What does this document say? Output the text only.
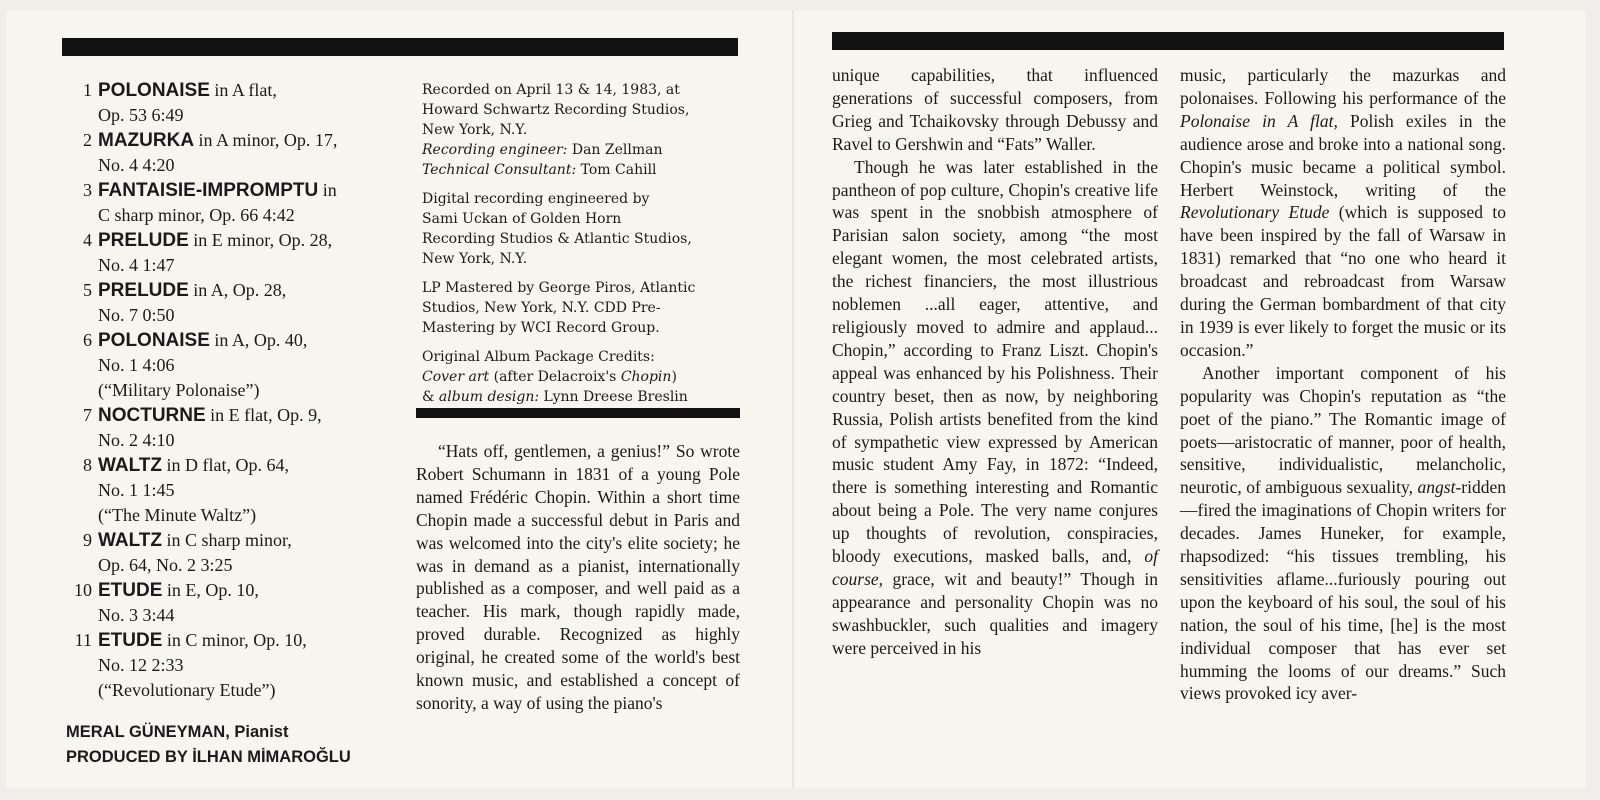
1 POLONAISE in A flat,
Op. 53 6:49
2 MAZURKA in A minor, Op. 17,
No. 4 4:20
3 FANTAISIE-IMPROMPTU in
C sharp minor, Op. 66 4:42
4 PRELUDE in E minor, Op. 28,
No. 4 1:47
5 PRELUDE in A, Op. 28,
No. 7 0:50
6 POLONAISE in A, Op. 40,
No. 1 4:06
(“Military Polonaise”)
7 NOCTURNE in E flat, Op. 9,
No. 2 4:10
8 WALTZ in D flat, Op. 64,
No. 1 1:45
(“The Minute Waltz”)
9 WALTZ in C sharp minor,
Op. 64, No. 2 3:25
10 ETUDE in E, Op. 10,
No. 3 3:44
11 ETUDE in C minor, Op. 10,
No. 12 2:33
(“Revolutionary Etude”)
MERAL GÜNEYMAN, Pianist
PRODUCED BY İLHAN MİMAROĞLU

Recorded on April 13 & 14, 1983, at
Howard Schwartz Recording Studios,
New York, N.Y.
Recording engineer: Dan Zellman
Technical Consultant: Tom Cahill

Digital recording engineered by
Sami Uckan of Golden Horn
Recording Studios & Atlantic Studios,
New York, N.Y.

LP Mastered by George Piros, Atlantic
Studios, New York, N.Y. CDD Pre-
Mastering by WCI Record Group.

Original Album Package Credits:
Cover art (after Delacroix's Chopin)
& album design: Lynn Dreese Breslin

“Hats off, gentlemen, a genius!” So wrote Robert Schumann in 1831 of a young Pole named Frédéric Chopin. Within a short time Chopin made a successful debut in Paris and was welcomed into the city's elite society; he was in demand as a pianist, internationally published as a composer, and well paid as a teacher. His mark, though rapidly made, proved durable. Recognized as highly original, he created some of the world's best known music, and established a concept of sonority, a way of using the piano's

unique capabilities, that influenced generations of successful composers, from Grieg and Tchaikovsky through Debussy and Ravel to Gershwin and “Fats” Waller.

Though he was later established in the pantheon of pop culture, Chopin's creative life was spent in the snobbish atmosphere of Parisian salon society, among “the most elegant women, the most celebrated artists, the richest financiers, the most illustrious noblemen ...all eager, attentive, and religiously moved to admire and applaud... Chopin,” according to Franz Liszt. Chopin's appeal was enhanced by his Polishness. Their country beset, then as now, by neighboring Russia, Polish artists benefited from the kind of sympathetic view expressed by American music student Amy Fay, in 1872: “Indeed, there is something interesting and Romantic about being a Pole. The very name conjures up thoughts of revolution, conspiracies, bloody executions, masked balls, and, of course, grace, wit and beauty!” Though in appearance and personality Chopin was no swashbuckler, such qualities and imagery were perceived in his

music, particularly the mazurkas and polonaises. Following his performance of the Polonaise in A flat, Polish exiles in the audience arose and broke into a national song. Chopin's music became a political symbol. Herbert Weinstock, writing of the Revolutionary Etude (which is supposed to have been inspired by the fall of Warsaw in 1831) remarked that “no one who heard it broadcast and rebroadcast from Warsaw during the German bombardment of that city in 1939 is ever likely to forget the music or its occasion.”

Another important component of his popularity was Chopin's reputation as “the poet of the piano.” The Romantic image of poets—aristocratic of manner, poor of health, sensitive, individualistic, melancholic, neurotic, of ambiguous sexuality, angst-ridden—fired the imaginations of Chopin writers for decades. James Huneker, for example, rhapsodized: “his tissues trembling, his sensitivities aflame...furiously pouring out upon the keyboard of his soul, the soul of his nation, the soul of his time, [he] is the most individual composer that has ever set humming the looms of our dreams.” Such views provoked icy aver-
